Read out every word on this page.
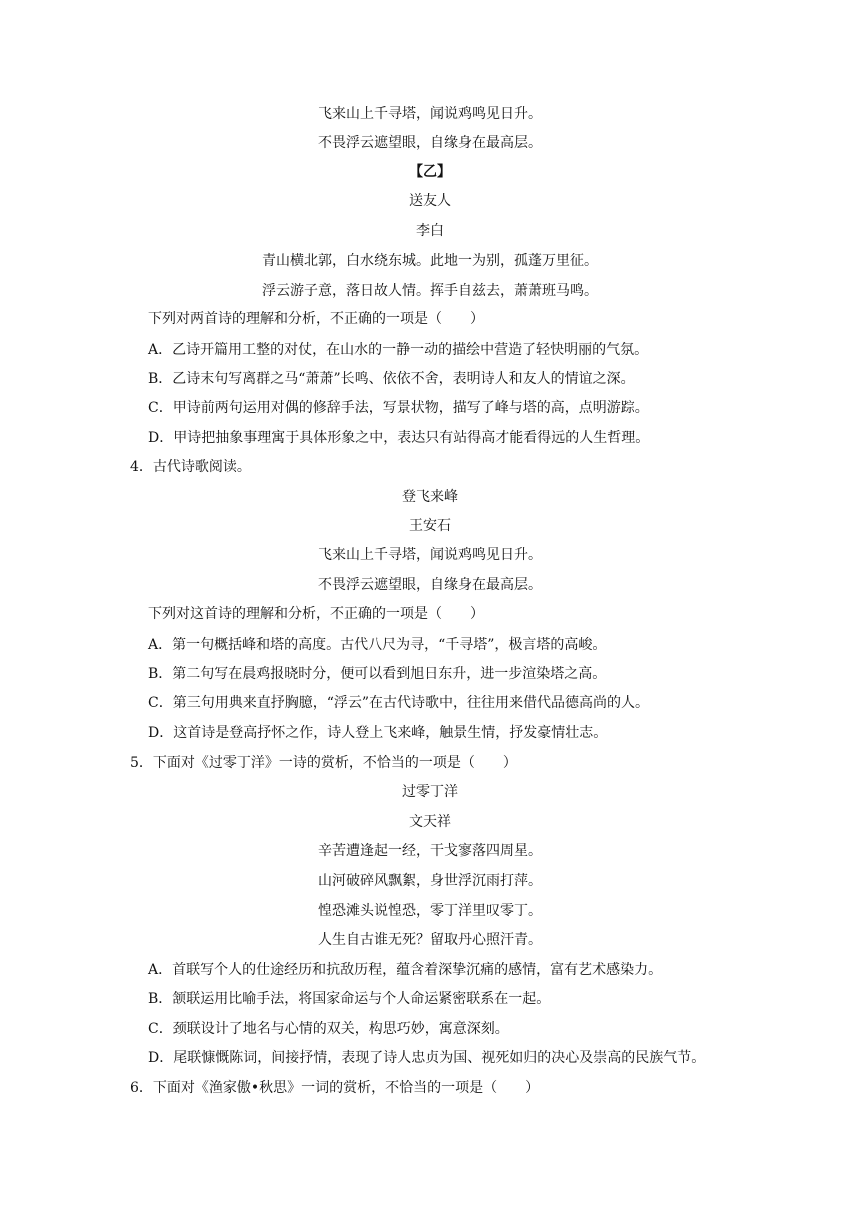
飞来山上千寻塔，闻说鸡鸣见日升。
不畏浮云遮望眼，自缘身在最高层。
【乙】
送友人
李白
青山横北郭，白水绕东城。此地一为别，孤蓬万里征。
浮云游子意，落日故人情。挥手自兹去，萧萧班马鸣。
下列对两首诗的理解和分析，不正确的一项是（　　）
A．乙诗开篇用工整的对仗，在山水的一静一动的描绘中营造了轻快明丽的气氛。
B．乙诗末句写离群之马“萧萧”长鸣、依依不舍，表明诗人和友人的情谊之深。
C．甲诗前两句运用对偶的修辞手法，写景状物，描写了峰与塔的高，点明游踪。
D．甲诗把抽象事理寓于具体形象之中，表达只有站得高才能看得远的人生哲理。
4．古代诗歌阅读。
登飞来峰
王安石
飞来山上千寻塔，闻说鸡鸣见日升。
不畏浮云遮望眼，自缘身在最高层。
下列对这首诗的理解和分析，不正确的一项是（　　）
A．第一句概括峰和塔的高度。古代八尺为寻，“千寻塔”，极言塔的高峻。
B．第二句写在晨鸡报晓时分，便可以看到旭日东升，进一步渲染塔之高。
C．第三句用典来直抒胸臆，“浮云”在古代诗歌中，往往用来借代品德高尚的人。
D．这首诗是登高抒怀之作，诗人登上飞来峰，触景生情，抒发豪情壮志。
5．下面对《过零丁洋》一诗的赏析，不恰当的一项是（　　）
过零丁洋
文天祥
辛苦遭逢起一经，干戈寥落四周星。
山河破碎风飘絮，身世浮沉雨打萍。
惶恐滩头说惶恐，零丁洋里叹零丁。
人生自古谁无死？留取丹心照汗青。
A．首联写个人的仕途经历和抗敌历程，蕴含着深挚沉痛的感情，富有艺术感染力。
B．颔联运用比喻手法，将国家命运与个人命运紧密联系在一起。
C．颈联设计了地名与心情的双关，构思巧妙，寓意深刻。
D．尾联慷慨陈词，间接抒情，表现了诗人忠贞为国、视死如归的决心及崇高的民族气节。
6．下面对《渔家傲•秋思》一词的赏析，不恰当的一项是（　　）
